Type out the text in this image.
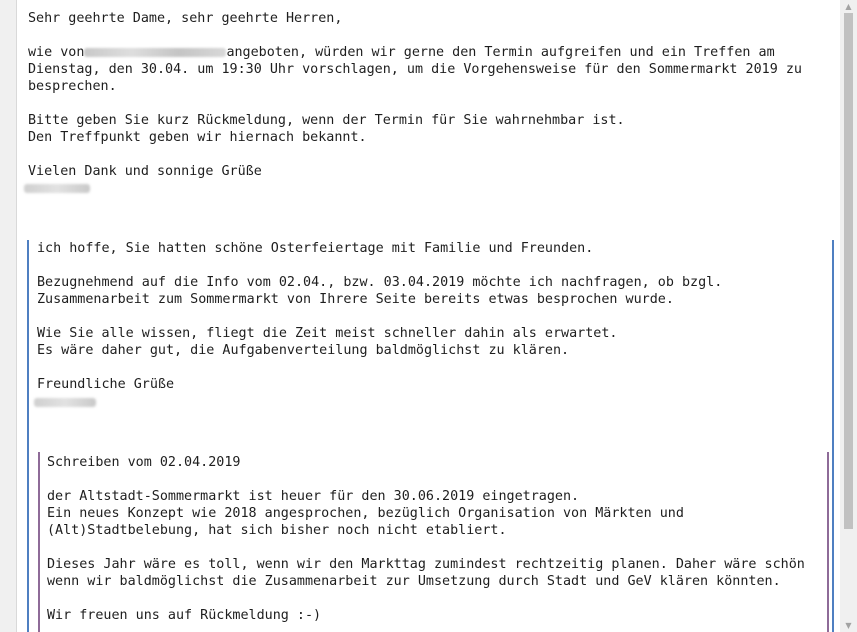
Sehr geehrte Dame, sehr geehrte Herren,
wie von	angeboten, würden wir gerne den Termin aufgreifen und ein Treffen am
Dienstag, den 30.04. um 19:30 Uhr vorschlagen, um die Vorgehensweise für den Sommermarkt 2019 zu
besprechen.
Bitte geben Sie kurz Rückmeldung, wenn der Termin für Sie wahrnehmbar ist.
Den Treffpunkt geben wir hiernach bekannt.
Vielen Dank und sonnige Grüße
ich hoffe, Sie hatten schöne Osterfeiertage mit Familie und Freunden.
Bezugnehmend auf die Info vom 02.04., bzw. 03.04.2019 möchte ich nachfragen, ob bzgl.
Zusammenarbeit zum Sommermarkt von Ihrere Seite bereits etwas besprochen wurde.
Wie Sie alle wissen, fliegt die Zeit meist schneller dahin als erwartet.
Es wäre daher gut, die Aufgabenverteilung baldmöglichst zu klären.
Freundliche Grüße
Schreiben vom 02.04.2019
der Altstadt-Sommermarkt ist heuer für den 30.06.2019 eingetragen.
Ein neues Konzept wie 2018 angesprochen, bezüglich Organisation von Märkten und
(Alt)Stadtbelebung, hat sich bisher noch nicht etabliert.
Dieses Jahr wäre es toll, wenn wir den Markttag zumindest rechtzeitig planen. Daher wäre schön
wenn wir baldmöglichst die Zusammenarbeit zur Umsetzung durch Stadt und GeV klären könnten.
Wir freuen uns auf Rückmeldung :-)
▲
▼
